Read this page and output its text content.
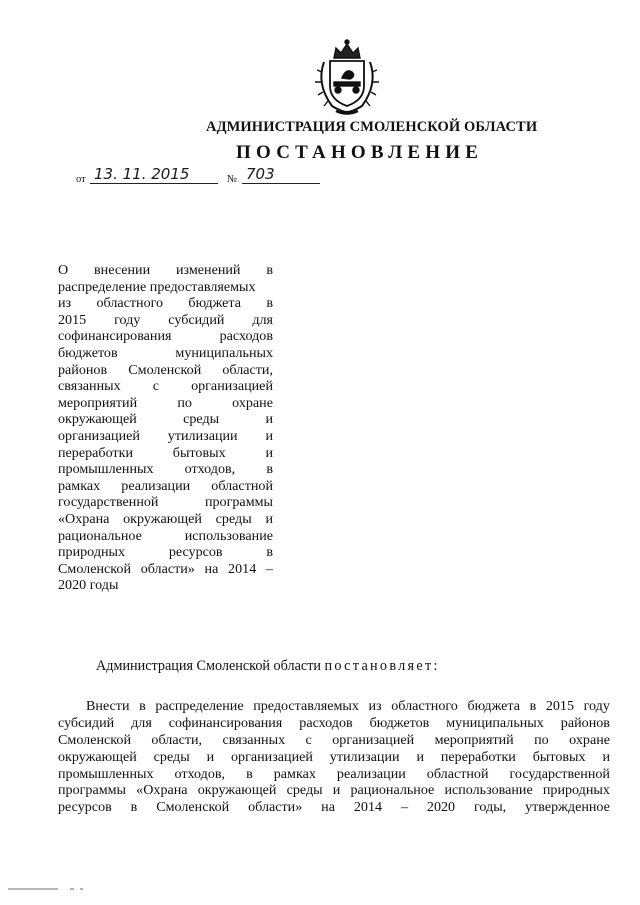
АДМИНИСТРАЦИЯ СМОЛЕНСКОЙ ОБЛАСТИ
ПОСТАНОВЛЕНИЕ
от 13. 11. 2015	№ 703
О внесении изменений в
распределение предоставляемых
из областного бюджета в
2015 году субсидий для
софинансирования	расходов
бюджетов	муниципальных
районов Смоленской области,
связанных с организацией
мероприятий	по	охране
окружающей	среды	и
организацией утилизации и
переработки	бытовых	и
промышленных отходов, в
рамках реализации областной
государственной	программы
«Охрана окружающей среды и
рациональное	использование
природных	ресурсов	в
Смоленской области» на 2014 –
2020 годы
Администрация Смоленской области постановляет:
Внести в распределение предоставляемых из областного бюджета в 2015 году
субсидий для софинансирования расходов бюджетов муниципальных районов
Смоленской области, связанных с организацией мероприятий по охране
окружающей среды и организацией утилизации и переработки бытовых и
промышленных отходов, в рамках реализации областной государственной
программы «Охрана окружающей среды и рациональное использование природных
ресурсов в Смоленской области» на 2014 – 2020 годы, утвержденное
